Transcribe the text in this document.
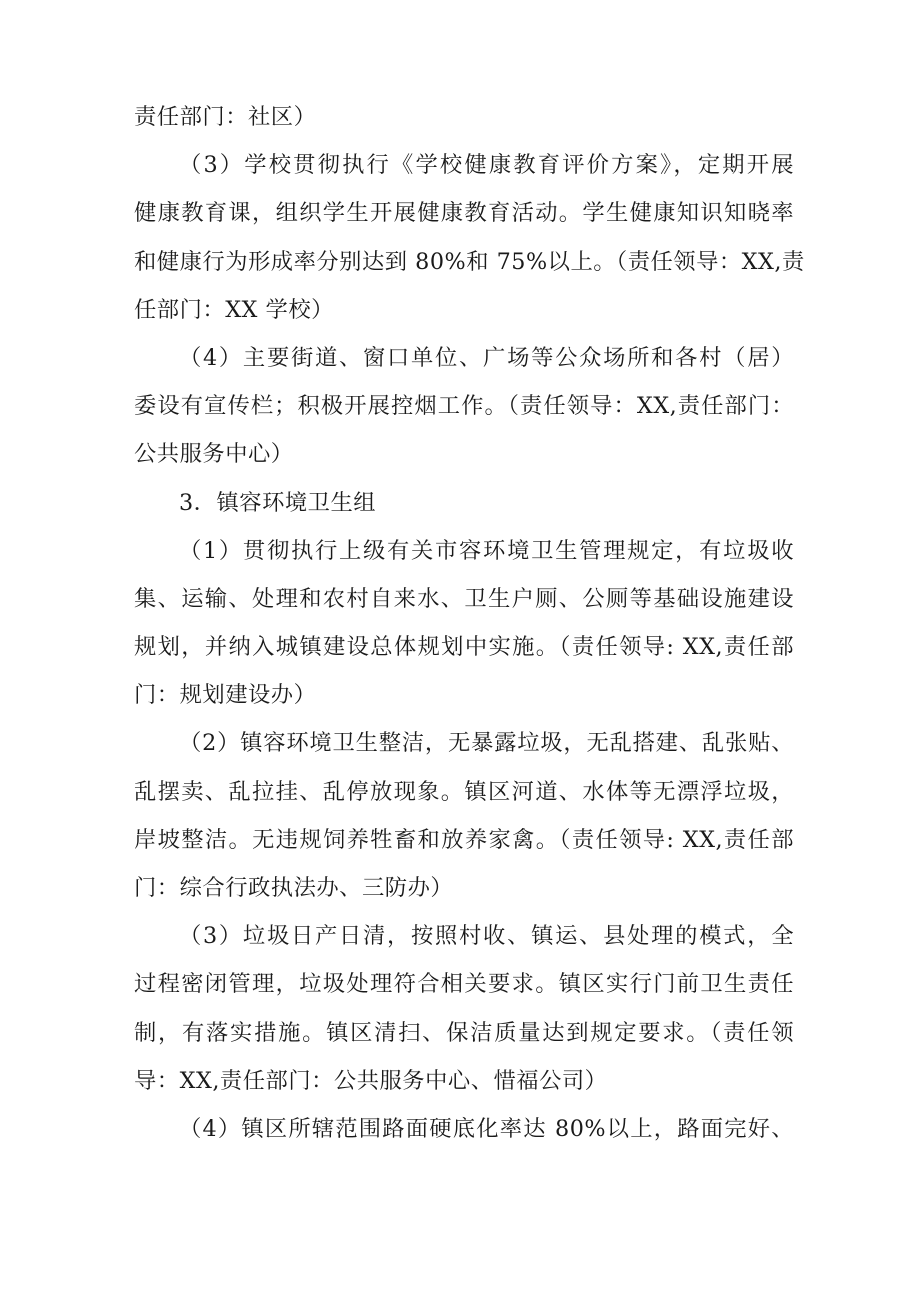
责任部门：社区）
（3）学校贯彻执行《学校健康教育评价方案》，定期开展
健康教育课，组织学生开展健康教育活动。学生健康知识知晓率
和健康行为形成率分别达到 80%和 75%以上。（责任领导：XX,责
任部门：XX 学校）
（4）主要街道、窗口单位、广场等公众场所和各村（居）
委设有宣传栏；积极开展控烟工作。（责任领导：XX,责任部门：
公共服务中心）
3．镇容环境卫生组
（1）贯彻执行上级有关市容环境卫生管理规定，有垃圾收
集、运输、处理和农村自来水、卫生户厕、公厕等基础设施建设
规划，并纳入城镇建设总体规划中实施。（责任领导: XX,责任部
门：规划建设办）
（2）镇容环境卫生整洁，无暴露垃圾，无乱搭建、乱张贴、
乱摆卖、乱拉挂、乱停放现象。镇区河道、水体等无漂浮垃圾，
岸坡整洁。无违规饲养牲畜和放养家禽。（责任领导: XX,责任部
门：综合行政执法办、三防办）
（3）垃圾日产日清，按照村收、镇运、县处理的模式，全
过程密闭管理，垃圾处理符合相关要求。镇区实行门前卫生责任
制，有落实措施。镇区清扫、保洁质量达到规定要求。（责任领
导：XX,责任部门：公共服务中心、惜福公司）
（4）镇区所辖范围路面硬底化率达 80%以上，路面完好、
